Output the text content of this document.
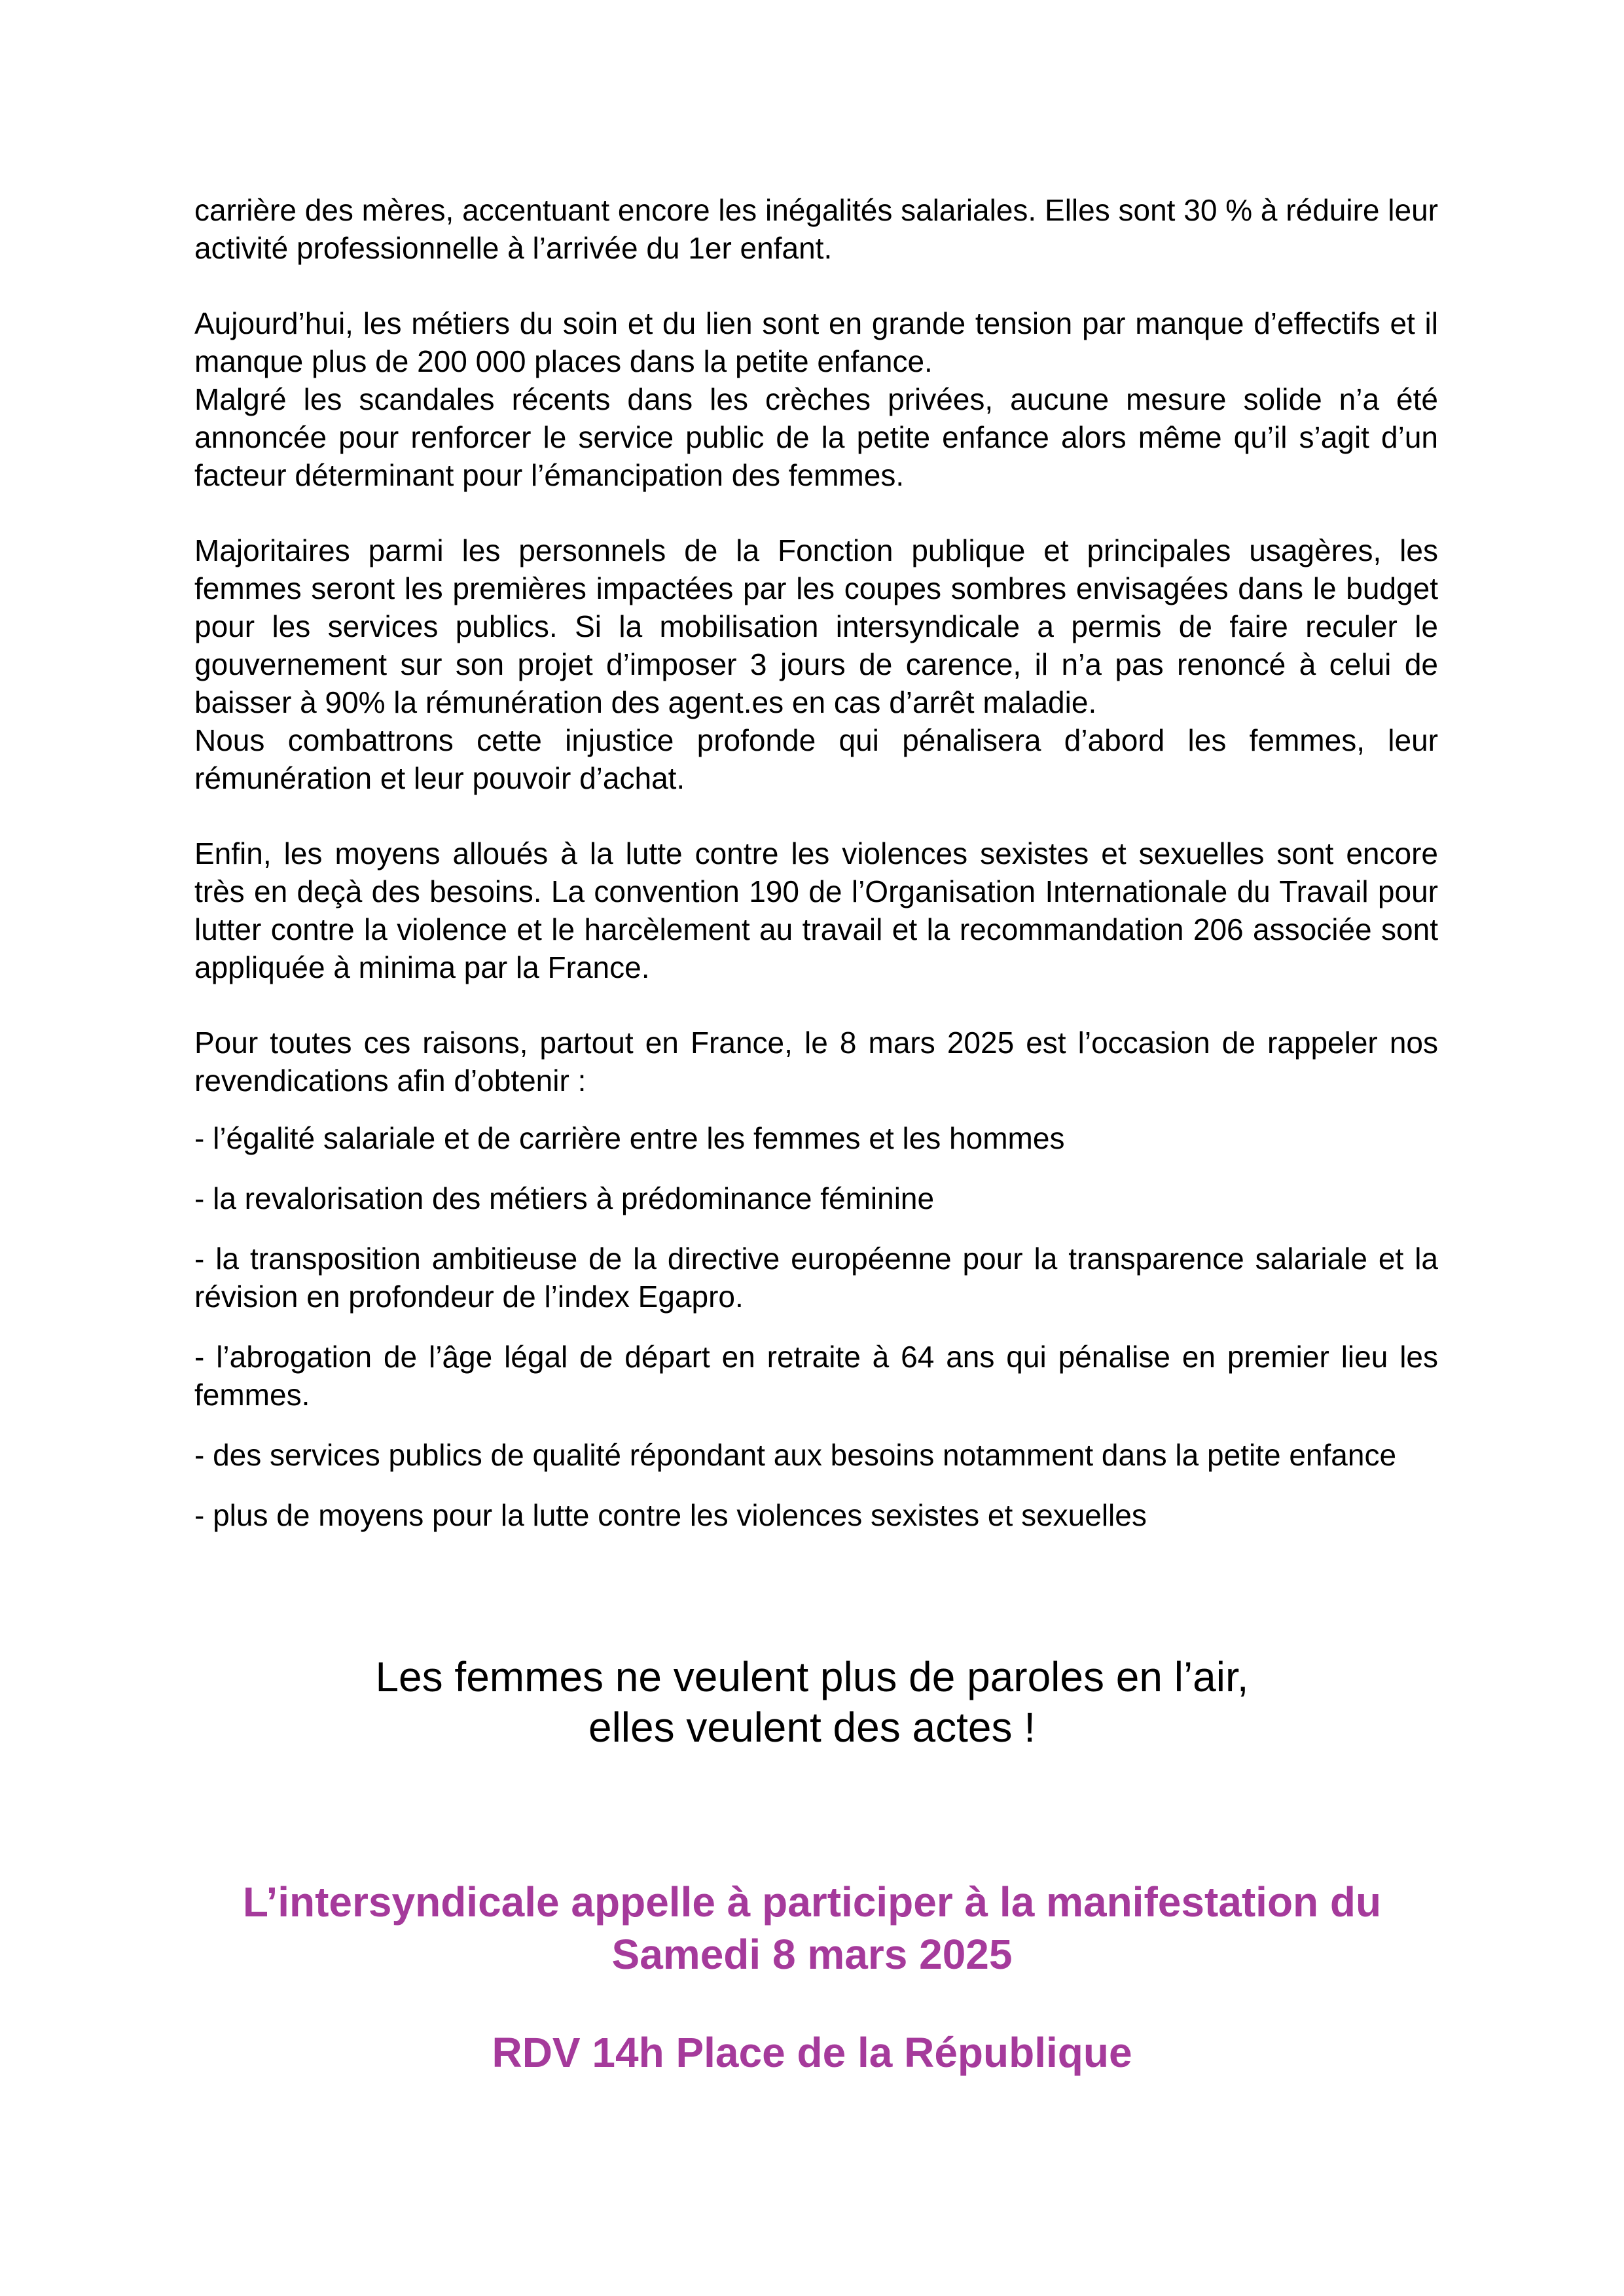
carrière des mères, accentuant encore les inégalités salariales. Elles sont 30 % à réduire leur activité professionnelle à l’arrivée du 1er enfant.

Aujourd’hui, les métiers du soin et du lien sont en grande tension par manque d’effectifs et il manque plus de 200 000 places dans la petite enfance.

Malgré les scandales récents dans les crèches privées, aucune mesure solide n’a été annoncée pour renforcer le service public de la petite enfance alors même qu’il s’agit d’un facteur déterminant pour l’émancipation des femmes.

Majoritaires parmi les personnels de la Fonction publique et principales usagères, les femmes seront les premières impactées par les coupes sombres envisagées dans le budget pour les services publics. Si la mobilisation intersyndicale a permis de faire reculer le gouvernement sur son projet d’imposer 3 jours de carence, il n’a pas renoncé à celui de baisser à 90% la rémunération des agent.es en cas d’arrêt maladie.

Nous combattrons cette injustice profonde qui pénalisera d’abord les femmes, leur rémunération et leur pouvoir d’achat.

Enfin, les moyens alloués à la lutte contre les violences sexistes et sexuelles sont encore très en deçà des besoins. La convention 190 de l’Organisation Internationale du Travail pour lutter contre la violence et le harcèlement au travail et la recommandation 206 associée sont appliquée à minima par la France.

Pour toutes ces raisons, partout en France, le 8 mars 2025 est l’occasion de rappeler nos revendications afin d’obtenir :

- l’égalité salariale et de carrière entre les femmes et les hommes

- la revalorisation des métiers à prédominance féminine

- la transposition ambitieuse de la directive européenne pour la transparence salariale et la révision en profondeur de l’index Egapro.

- l’abrogation de l’âge légal de départ en retraite à 64 ans qui pénalise en premier lieu les femmes.

- des services publics de qualité répondant aux besoins notamment dans la petite enfance

- plus de moyens pour la lutte contre les violences sexistes et sexuelles

Les femmes ne veulent plus de paroles en l’air,
elles veulent des actes !
L’intersyndicale appelle à participer à la manifestation du
Samedi 8 mars 2025
RDV 14h Place de la République
